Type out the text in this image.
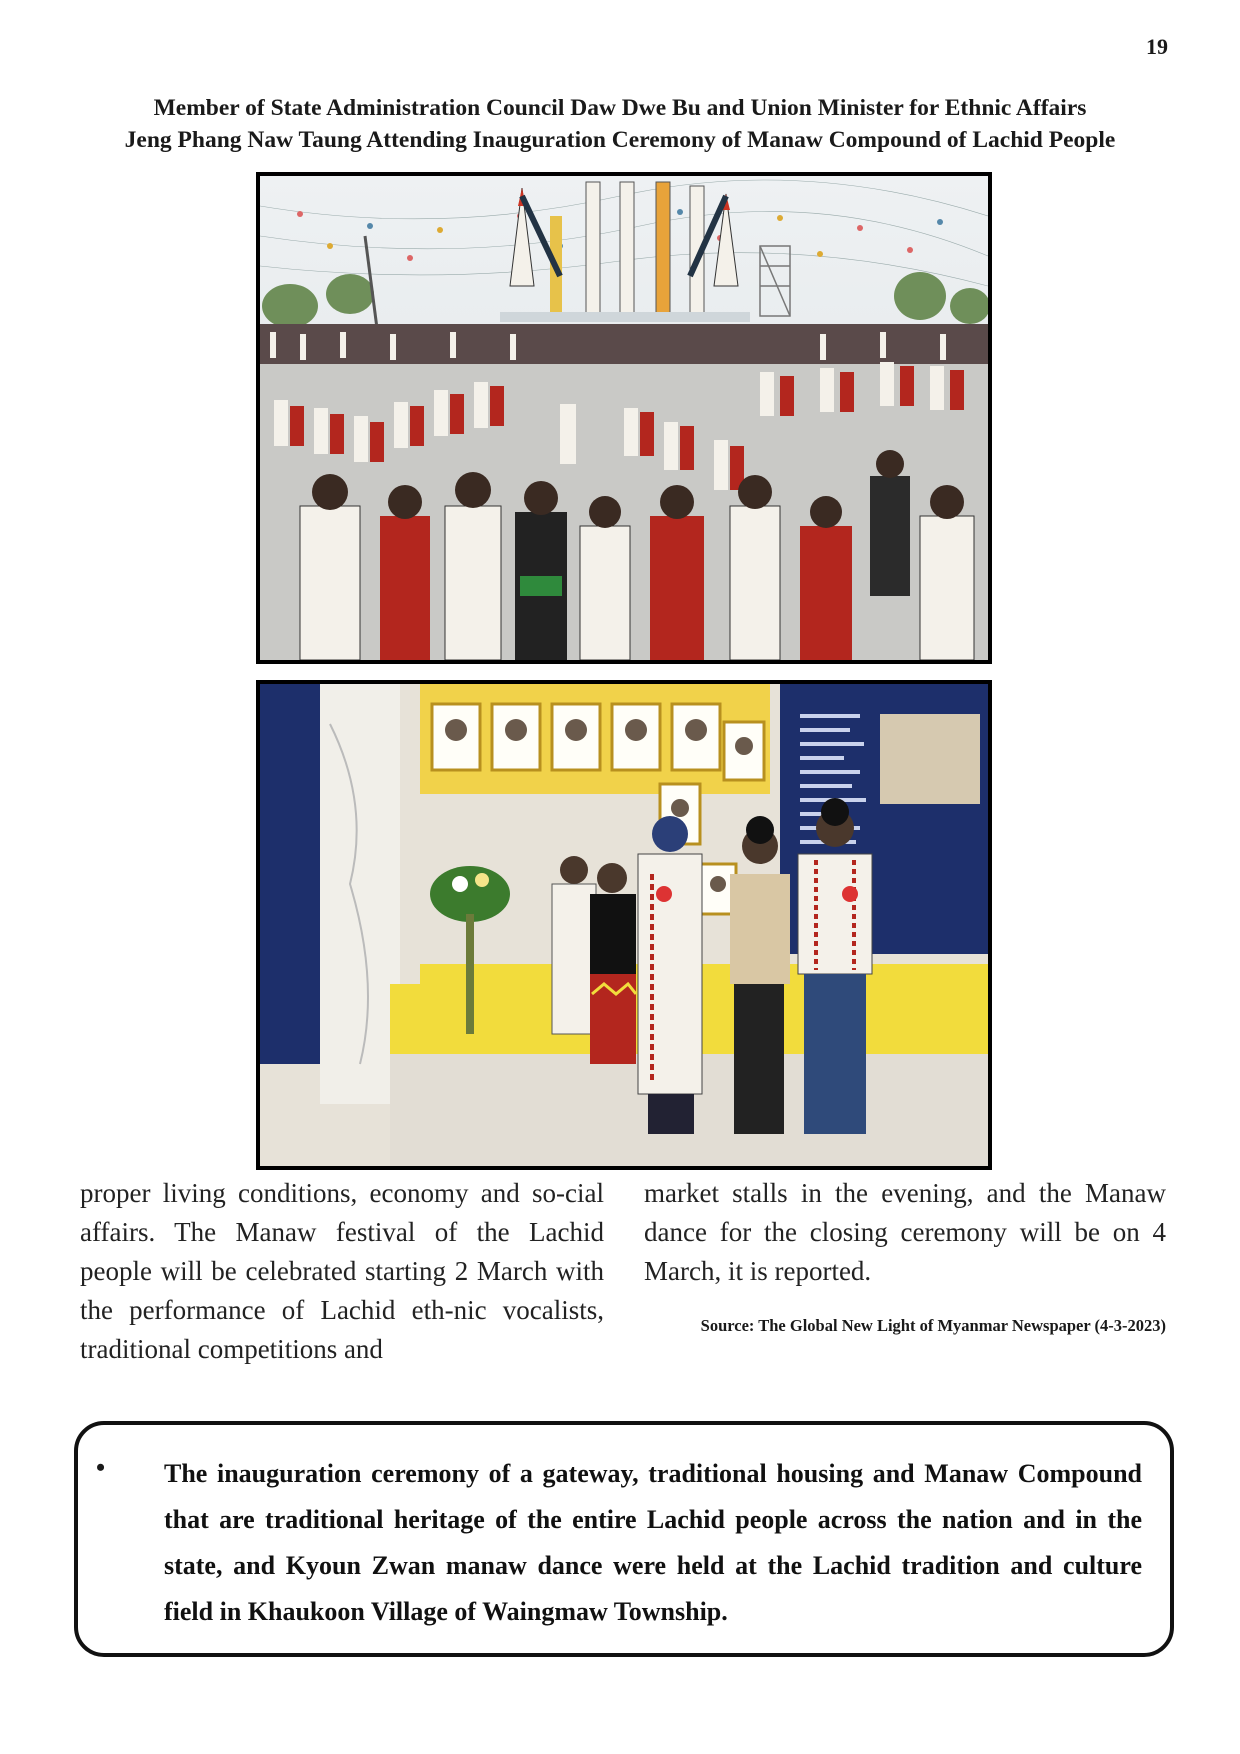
19
Member of State Administration Council Daw Dwe Bu and Union Minister for Ethnic Affairs
Jeng Phang Naw Taung Attending Inauguration Ceremony of Manaw Compound of Lachid People

proper living conditions, economy and so-cial affairs. The Manaw festival of the Lachid people will be celebrated starting 2 March with the performance of Lachid eth-nic vocalists, traditional competitions and

market stalls in the evening, and the Manaw dance for the closing ceremony will be on 4 March, it is reported.

Source: The Global New Light of Myanmar Newspaper (4-3-2023)
• The inauguration ceremony of a gateway, traditional housing and Manaw Compound that are traditional heritage of the entire Lachid people across the nation and in the state, and Kyoun Zwan manaw dance were held at the Lachid tradition and culture field in Khaukoon Village of Waingmaw Township.
